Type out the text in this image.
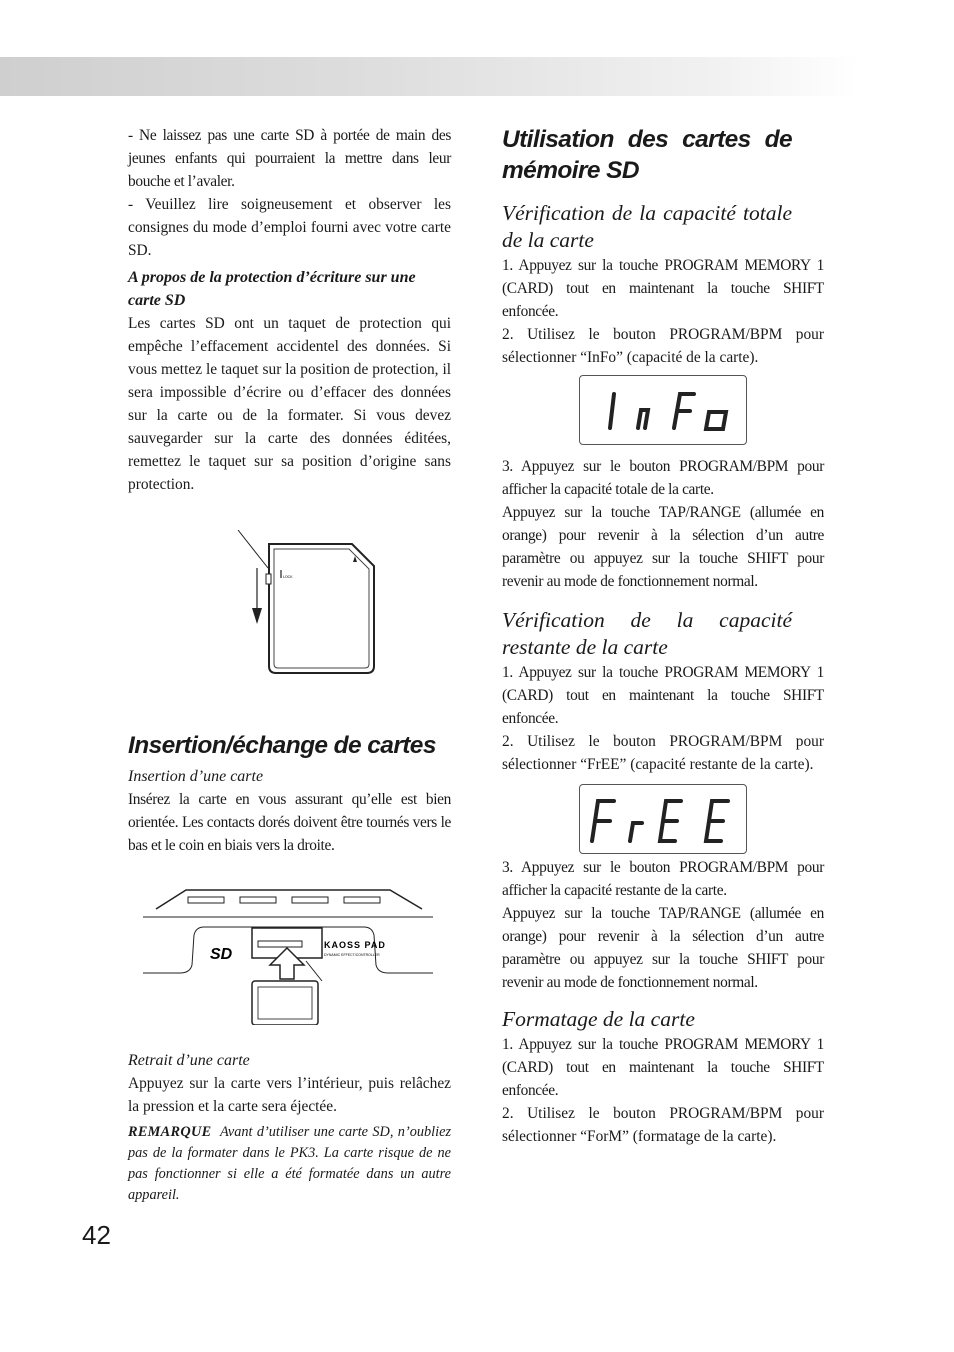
- Ne laissez pas une carte SD à portée de main des jeunes enfants qui pourraient la mettre dans leur bouche et l’avaler.

- Veuillez lire soigneusement et observer les consignes du mode d’emploi fourni avec votre carte SD.

A propos de la protection d’écriture sur une carte SD

Les cartes SD ont un taquet de protection qui empêche l’effacement accidentel des données. Si vous mettez le taquet sur la position de protection, il sera impossible d’écrire ou d’effacer des données sur la carte ou de la formater. Si vous devez sauvegarder sur la carte des données éditées, remettez le taquet sur sa position d’origine sans protection.

LOCK

Insertion/échange de cartes

Insertion d’une carte

Insérez la carte en vous assurant qu’elle est bien orientée. Les contacts dorés doivent être tournés vers le bas et le coin en biais vers la droite.

SD
KAOSS PAD
DYNAMIC EFFECT/CONTROLLER

Retrait d’une carte

Appuyez sur la carte vers l’intérieur, puis relâchez la pression et la carte sera éjectée.

REMARQUE Avant d’utiliser une carte SD, n’oubliez pas de la formater dans le PK3. La carte risque de ne pas fonctionner si elle a été formatée dans un autre appareil.

Utilisation des cartes de mémoire SD

Vérification de la capacité totale de la carte

1. Appuyez sur la touche PROGRAM MEMORY 1 (CARD) tout en maintenant la touche SHIFT enfoncée.

2. Utilisez le bouton PROGRAM/BPM pour sélectionner “InFo” (capacité de la carte).

3. Appuyez sur le bouton PROGRAM/BPM pour afficher la capacité totale de la carte.

Appuyez sur la touche TAP/RANGE (allumée en orange) pour revenir à la sélection d’un autre paramètre ou appuyez sur la touche SHIFT pour revenir au mode de fonctionnement normal.

Vérification de la capacité restante de la carte

1. Appuyez sur la touche PROGRAM MEMORY 1 (CARD) tout en maintenant la touche SHIFT enfoncée.

2. Utilisez le bouton PROGRAM/BPM pour sélectionner “FrEE” (capacité restante de la carte).

3. Appuyez sur le bouton PROGRAM/BPM pour afficher la capacité restante de la carte.

Appuyez sur la touche TAP/RANGE (allumée en orange) pour revenir à la sélection d’un autre paramètre ou appuyez sur la touche SHIFT pour revenir au mode de fonctionnement normal.

Formatage de la carte

1. Appuyez sur la touche PROGRAM MEMORY 1 (CARD) tout en maintenant la touche SHIFT enfoncée.

2. Utilisez le bouton PROGRAM/BPM pour sélectionner “ForM” (formatage de la carte).

42
